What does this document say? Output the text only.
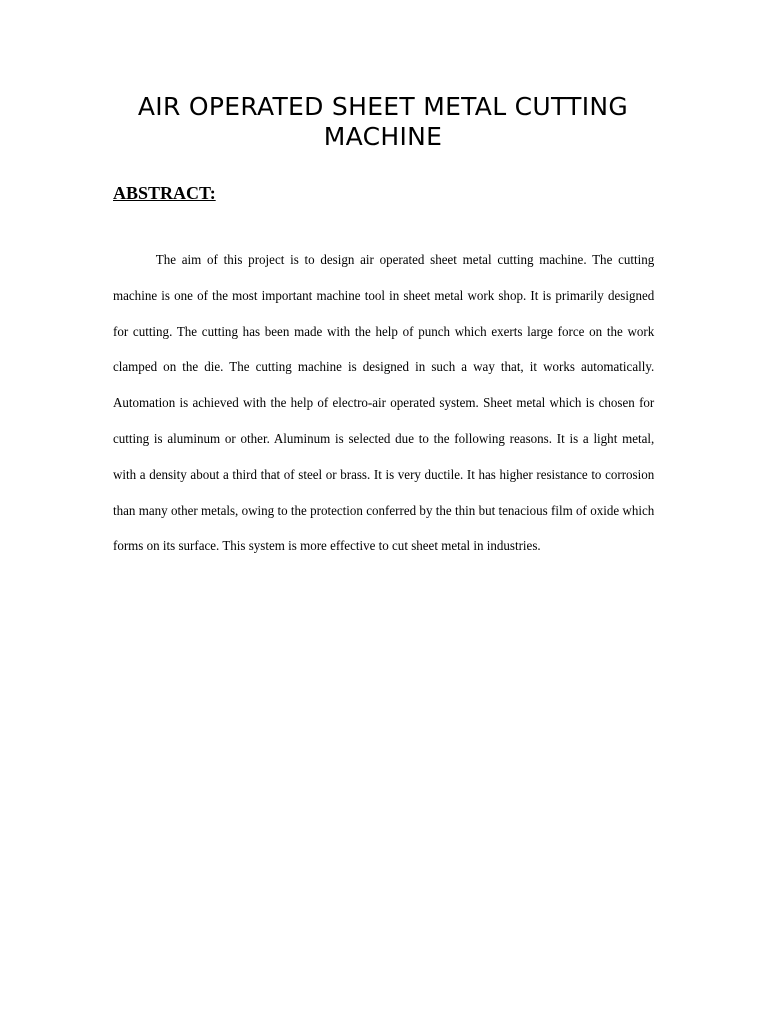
AIR OPERATED SHEET METAL CUTTING MACHINE
ABSTRACT:

The aim of this project is to design air operated sheet metal cutting machine. The cutting machine is one of the most important machine tool in sheet metal work shop. It is primarily designed for cutting. The cutting has been made with the help of punch which exerts large force on the work clamped on the die. The cutting machine is designed in such a way that, it works automatically. Automation is achieved with the help of electro-air operated system. Sheet metal which is chosen for cutting is aluminum or other. Aluminum is selected due to the following reasons. It is a light metal, with a density about a third that of steel or brass. It is very ductile. It has higher resistance to corrosion than many other metals, owing to the protection conferred by the thin but tenacious film of oxide which forms on its surface. This system is more effective to cut sheet metal in industries.
